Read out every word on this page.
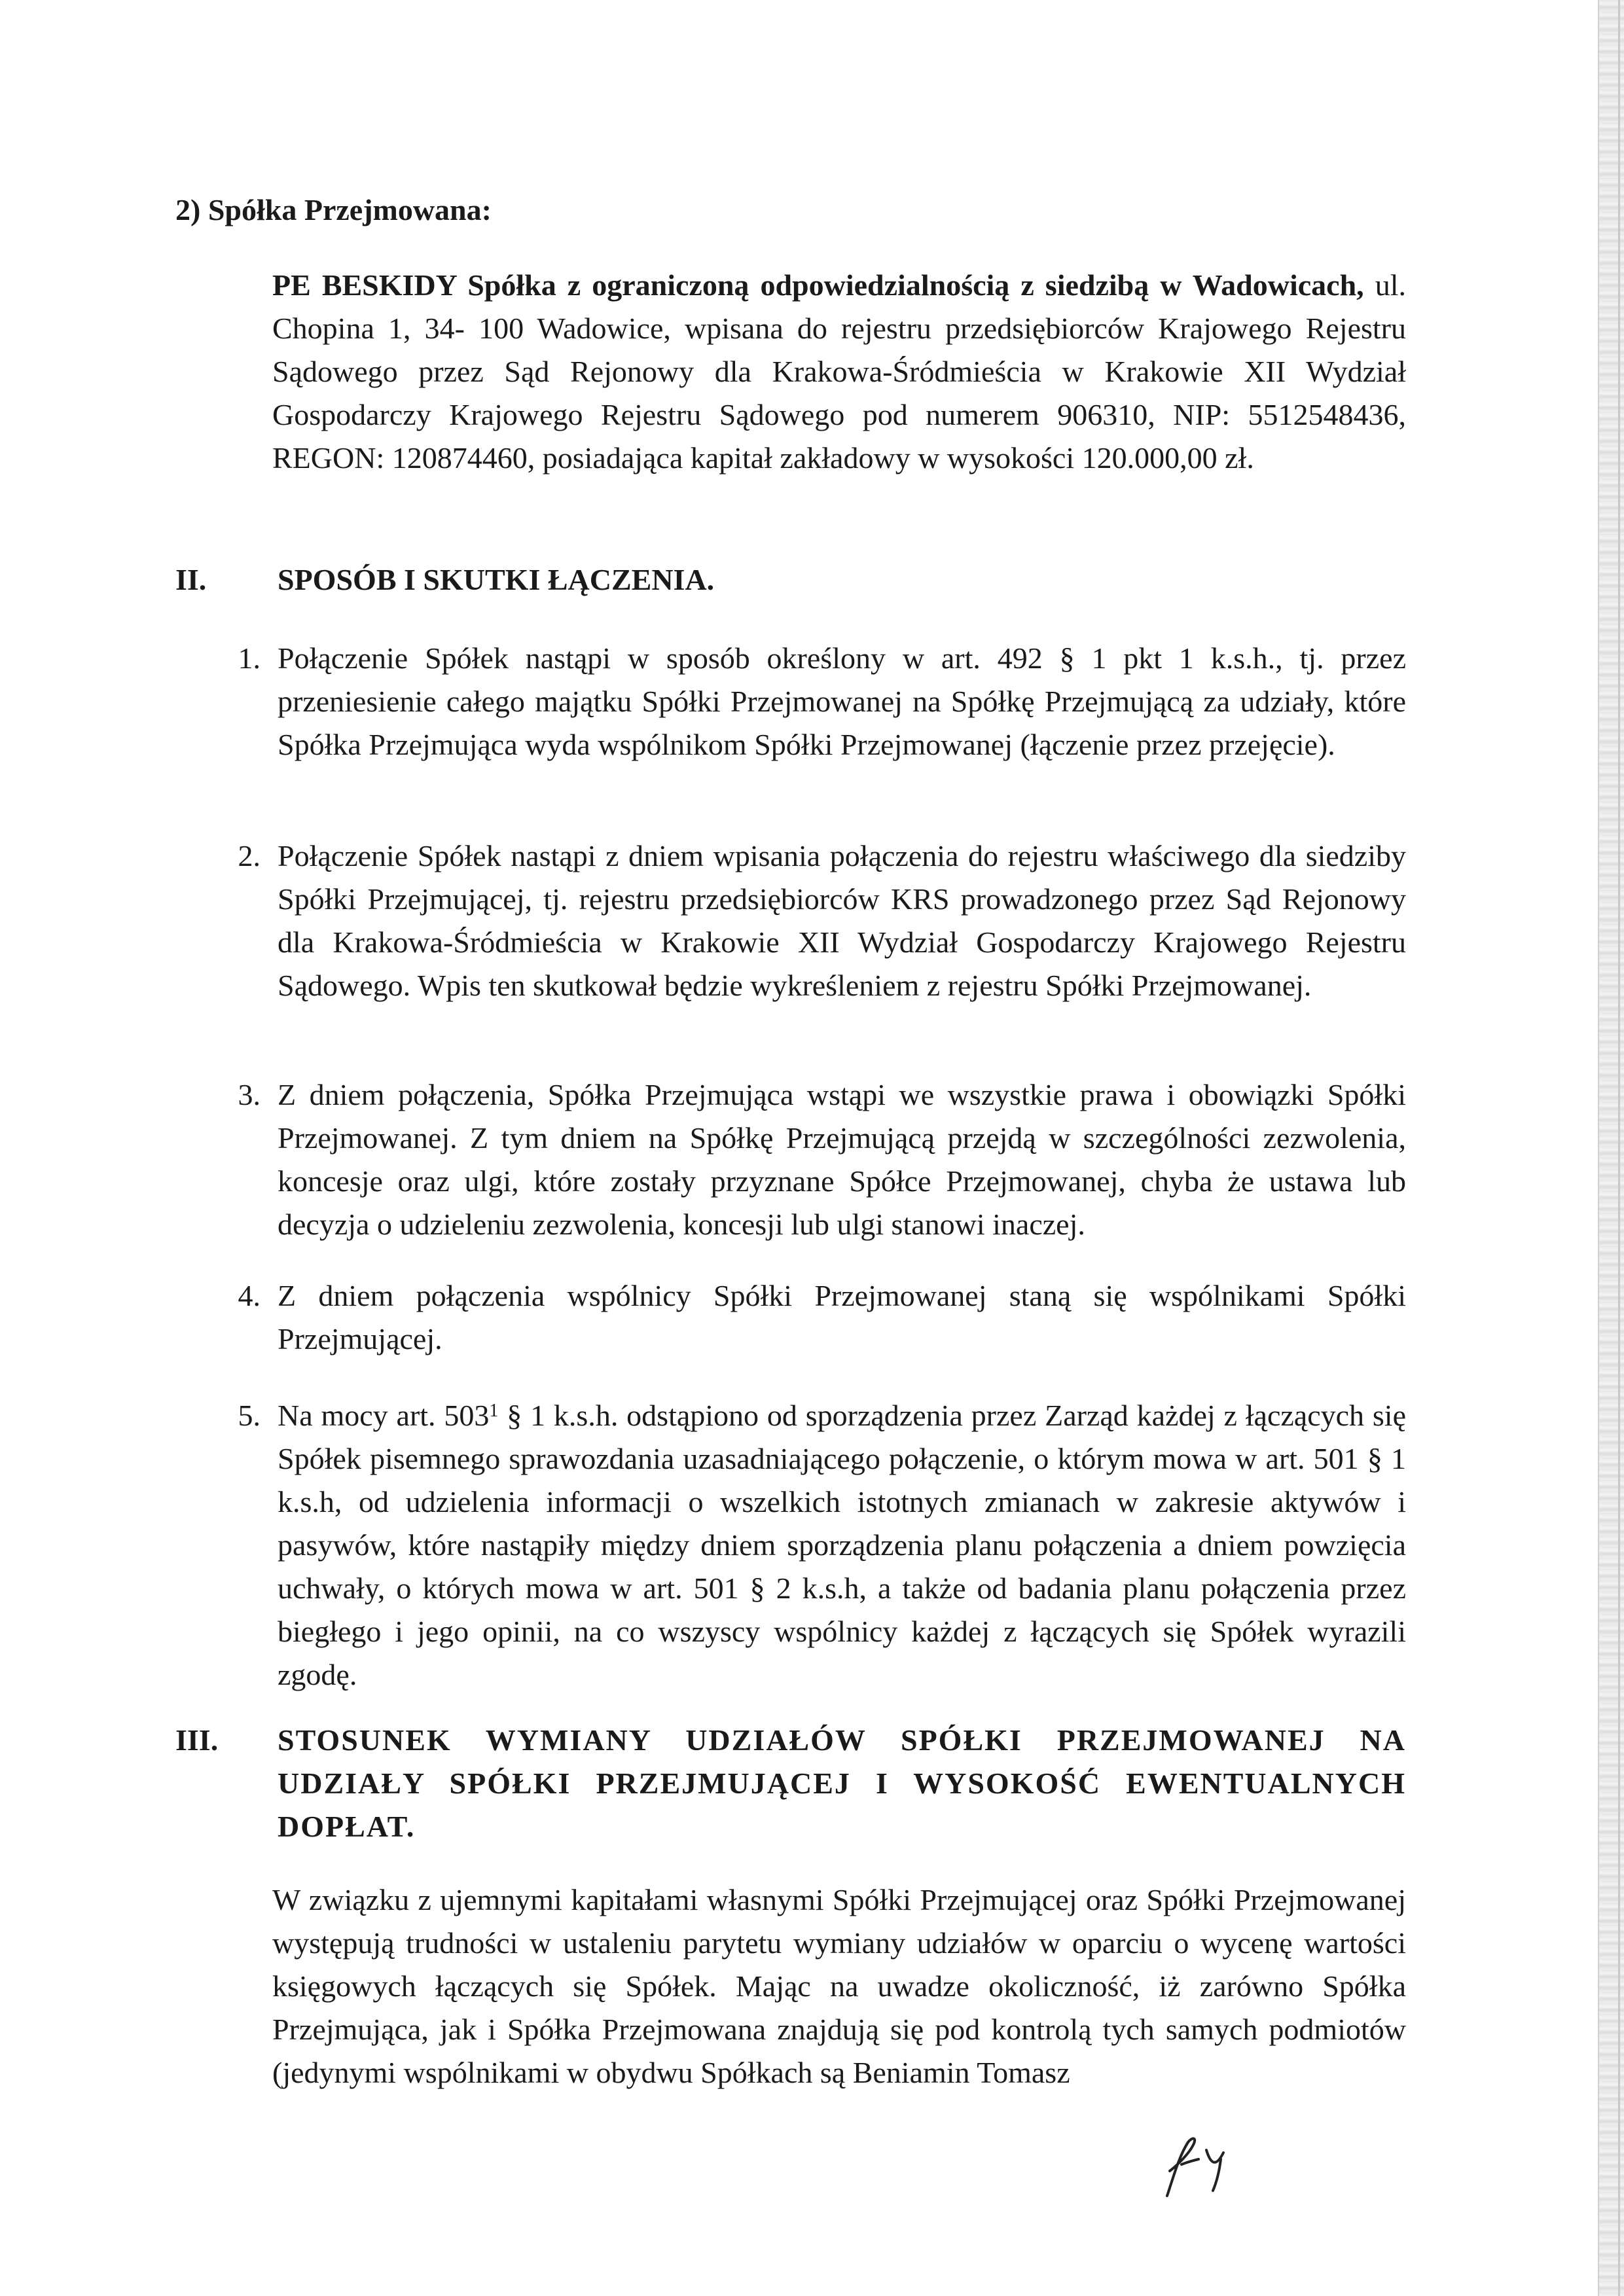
2) Spółka Przejmowana:

PE BESKIDY Spółka z ograniczoną odpowiedzialnością z siedzibą w Wadowicach, ul. Chopina 1, 34- 100 Wadowice, wpisana do rejestru przedsiębiorców Krajowego Rejestru Sądowego przez Sąd Rejonowy dla Krakowa-Śródmieścia w Krakowie XII Wydział Gospodarczy Krajowego Rejestru Sądowego pod numerem 906310, NIP: 5512548436, REGON: 120874460, posiadająca kapitał zakładowy w wysokości 120.000,00 zł.

II. SPOSÓB I SKUTKI ŁĄCZENIA.
1. Połączenie Spółek nastąpi w sposób określony w art. 492 § 1 pkt 1 k.s.h., tj. przez przeniesienie całego majątku Spółki Przejmowanej na Spółkę Przejmującą za udziały, które Spółka Przejmująca wyda wspólnikom Spółki Przejmowanej (łączenie przez przejęcie).
2. Połączenie Spółek nastąpi z dniem wpisania połączenia do rejestru właściwego dla siedziby Spółki Przejmującej, tj. rejestru przedsiębiorców KRS prowadzonego przez Sąd Rejonowy dla Krakowa-Śródmieścia w Krakowie XII Wydział Gospodarczy Krajowego Rejestru Sądowego. Wpis ten skutkował będzie wykreśleniem z rejestru Spółki Przejmowanej.
3. Z dniem połączenia, Spółka Przejmująca wstąpi we wszystkie prawa i obowiązki Spółki Przejmowanej. Z tym dniem na Spółkę Przejmującą przejdą w szczególności zezwolenia, koncesje oraz ulgi, które zostały przyznane Spółce Przejmowanej, chyba że ustawa lub decyzja o udzieleniu zezwolenia, koncesji lub ulgi stanowi inaczej.
4. Z dniem połączenia wspólnicy Spółki Przejmowanej staną się wspólnikami Spółki Przejmującej.
5. Na mocy art. $503^1$ § 1 k.s.h. odstąpiono od sporządzenia przez Zarząd każdej z łączących się Spółek pisemnego sprawozdania uzasadniającego połączenie, o którym mowa w art. 501 § 1 k.s.h, od udzielenia informacji o wszelkich istotnych zmianach w zakresie aktywów i pasywów, które nastąpiły między dniem sporządzenia planu połączenia a dniem powzięcia uchwały, o których mowa w art. 501 § 2 k.s.h, a także od badania planu połączenia przez biegłego i jego opinii, na co wszyscy wspólnicy każdej z łączących się Spółek wyrazili zgodę.
III. STOSUNEK WYMIANY UDZIAŁÓW SPÓŁKI PRZEJMOWANEJ NA UDZIAŁY SPÓŁKI PRZEJMUJĄCEJ I WYSOKOŚĆ EWENTUALNYCH DOPŁAT.
W związku z ujemnymi kapitałami własnymi Spółki Przejmującej oraz Spółki Przejmowanej występują trudności w ustaleniu parytetu wymiany udziałów w oparciu o wycenę wartości księgowych łączących się Spółek. Mając na uwadze okoliczność, iż zarówno Spółka Przejmująca, jak i Spółka Przejmowana znajdują się pod kontrolą tych samych podmiotów (jedynymi wspólnikami w obydwu Spółkach są Beniamin Tomasz
